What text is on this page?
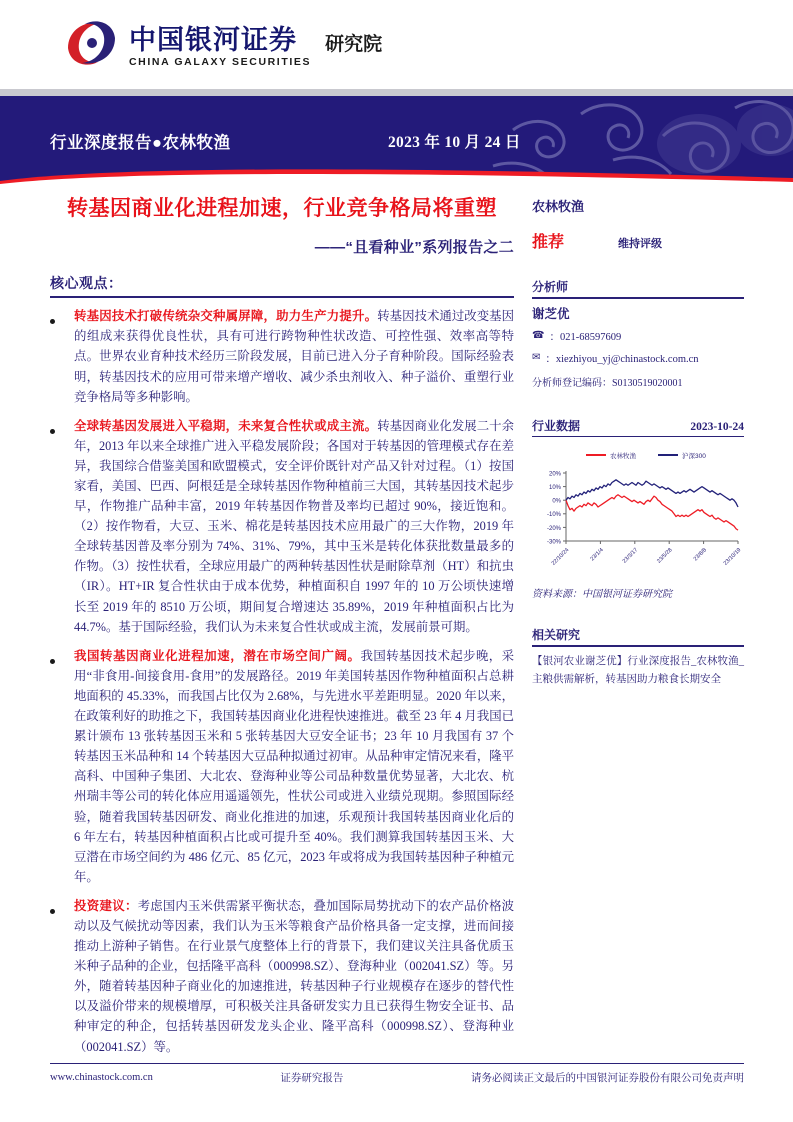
中国银河证券
CHINA GALAXY SECURITIES
研究院
行业深度报告●农林牧渔	2023 年 10 月 24 日
转基因商业化进程加速，行业竞争格局将重塑
——“且看种业”系列报告之二
核心观点：
转基因技术打破传统杂交种属屏障，助力生产力提升。转基因技术通过改变基因的组成来获得优良性状，具有可进行跨物种性状改造、可控性强、效率高等特点。世界农业育种技术经历三阶段发展，目前已进入分子育种阶段。国际经验表明，转基因技术的应用可带来增产增收、减少杀虫剂收入、种子溢价、重塑行业竞争格局等多种影响。
全球转基因发展进入平稳期，未来复合性状或成主流。转基因商业化发展二十余年，2013 年以来全球推广进入平稳发展阶段；各国对于转基因的管理模式存在差异，我国综合借鉴美国和欧盟模式，安全评价既针对产品又针对过程。（1）按国家看，美国、巴西、阿根廷是全球转基因作物种植前三大国，其转基因技术起步早，作物推广品种丰富，2019 年转基因作物普及率均已超过 90%，接近饱和。（2）按作物看，大豆、玉米、棉花是转基因技术应用最广的三大作物，2019 年全球转基因普及率分别为 74%、31%、79%，其中玉米是转化体获批数量最多的作物。（3）按性状看，全球应用最广的两种转基因性状是耐除草剂（HT）和抗虫（IR）。HT+IR 复合性状由于成本优势，种植面积自 1997 年的 10 万公顷快速增长至 2019 年的 8510 万公顷，期间复合增速达 35.89%，2019 年种植面积占比为 44.7%。基于国际经验，我们认为未来复合性状或成主流，发展前景可期。
我国转基因商业化进程加速，潜在市场空间广阔。我国转基因技术起步晚，采用“非食用-间接食用-食用”的发展路径。2019 年美国转基因作物种植面积占总耕地面积的 45.33%，而我国占比仅为 2.68%，与先进水平差距明显。2020 年以来，在政策利好的助推之下，我国转基因商业化进程快速推进。截至 23 年 4 月我国已累计颁布 13 张转基因玉米和 5 张转基因大豆安全证书；23 年 10 月我国有 37 个转基因玉米品种和 14 个转基因大豆品种拟通过初审。从品种审定情况来看，隆平高科、中国种子集团、大北农、登海种业等公司品种数量优势显著，大北农、杭州瑞丰等公司的转化体应用遥遥领先，性状公司或进入业绩兑现期。参照国际经验，随着我国转基因研发、商业化推进的加速，乐观预计我国转基因商业化后的 6 年左右，转基因种植面积占比或可提升至 40%。我们测算我国转基因玉米、大豆潜在市场空间约为 486 亿元、85 亿元，2023 年或将成为我国转基因种子种植元年。
投资建议：考虑国内玉米供需紧平衡状态，叠加国际局势扰动下的农产品价格波动以及气候扰动等因素，我们认为玉米等粮食产品价格具备一定支撑，进而间接推动上游种子销售。在行业景气度整体上行的背景下，我们建议关注具备优质玉米种子品种的企业，包括隆平高科（000998.SZ）、登海种业（002041.SZ）等。另外，随着转基因种子商业化的加速推进，转基因种子行业规模存在逐步的替代性以及溢价带来的规模增厚，可积极关注具备研发实力且已获得生物安全证书、品种审定的种企，包括转基因研发龙头企业、隆平高科（000998.SZ）、登海种业（002041.SZ）等。
农林牧渔
推荐	维持评级
分析师
谢芝优
☎ ：021-68597609
✉ ：xiezhiyou_yj@chinastock.com.cn
分析师登记编码：S0130519020001
行业数据	2023-10-24
农林牧渔	沪深300
20%
10%
0%
-10%
-20%
-30%
22/10/24	23/1/4	23/3/17	23/5/28	23/8/8	23/10/19
资料来源：中国银河证券研究院
相关研究
【银河农业谢芝优】行业深度报告_农林牧渔_主粮供需解析，转基因助力粮食长期安全
www.chinastock.com.cn	证券研究报告	请务必阅读正文最后的中国银河证券股份有限公司免责声明
